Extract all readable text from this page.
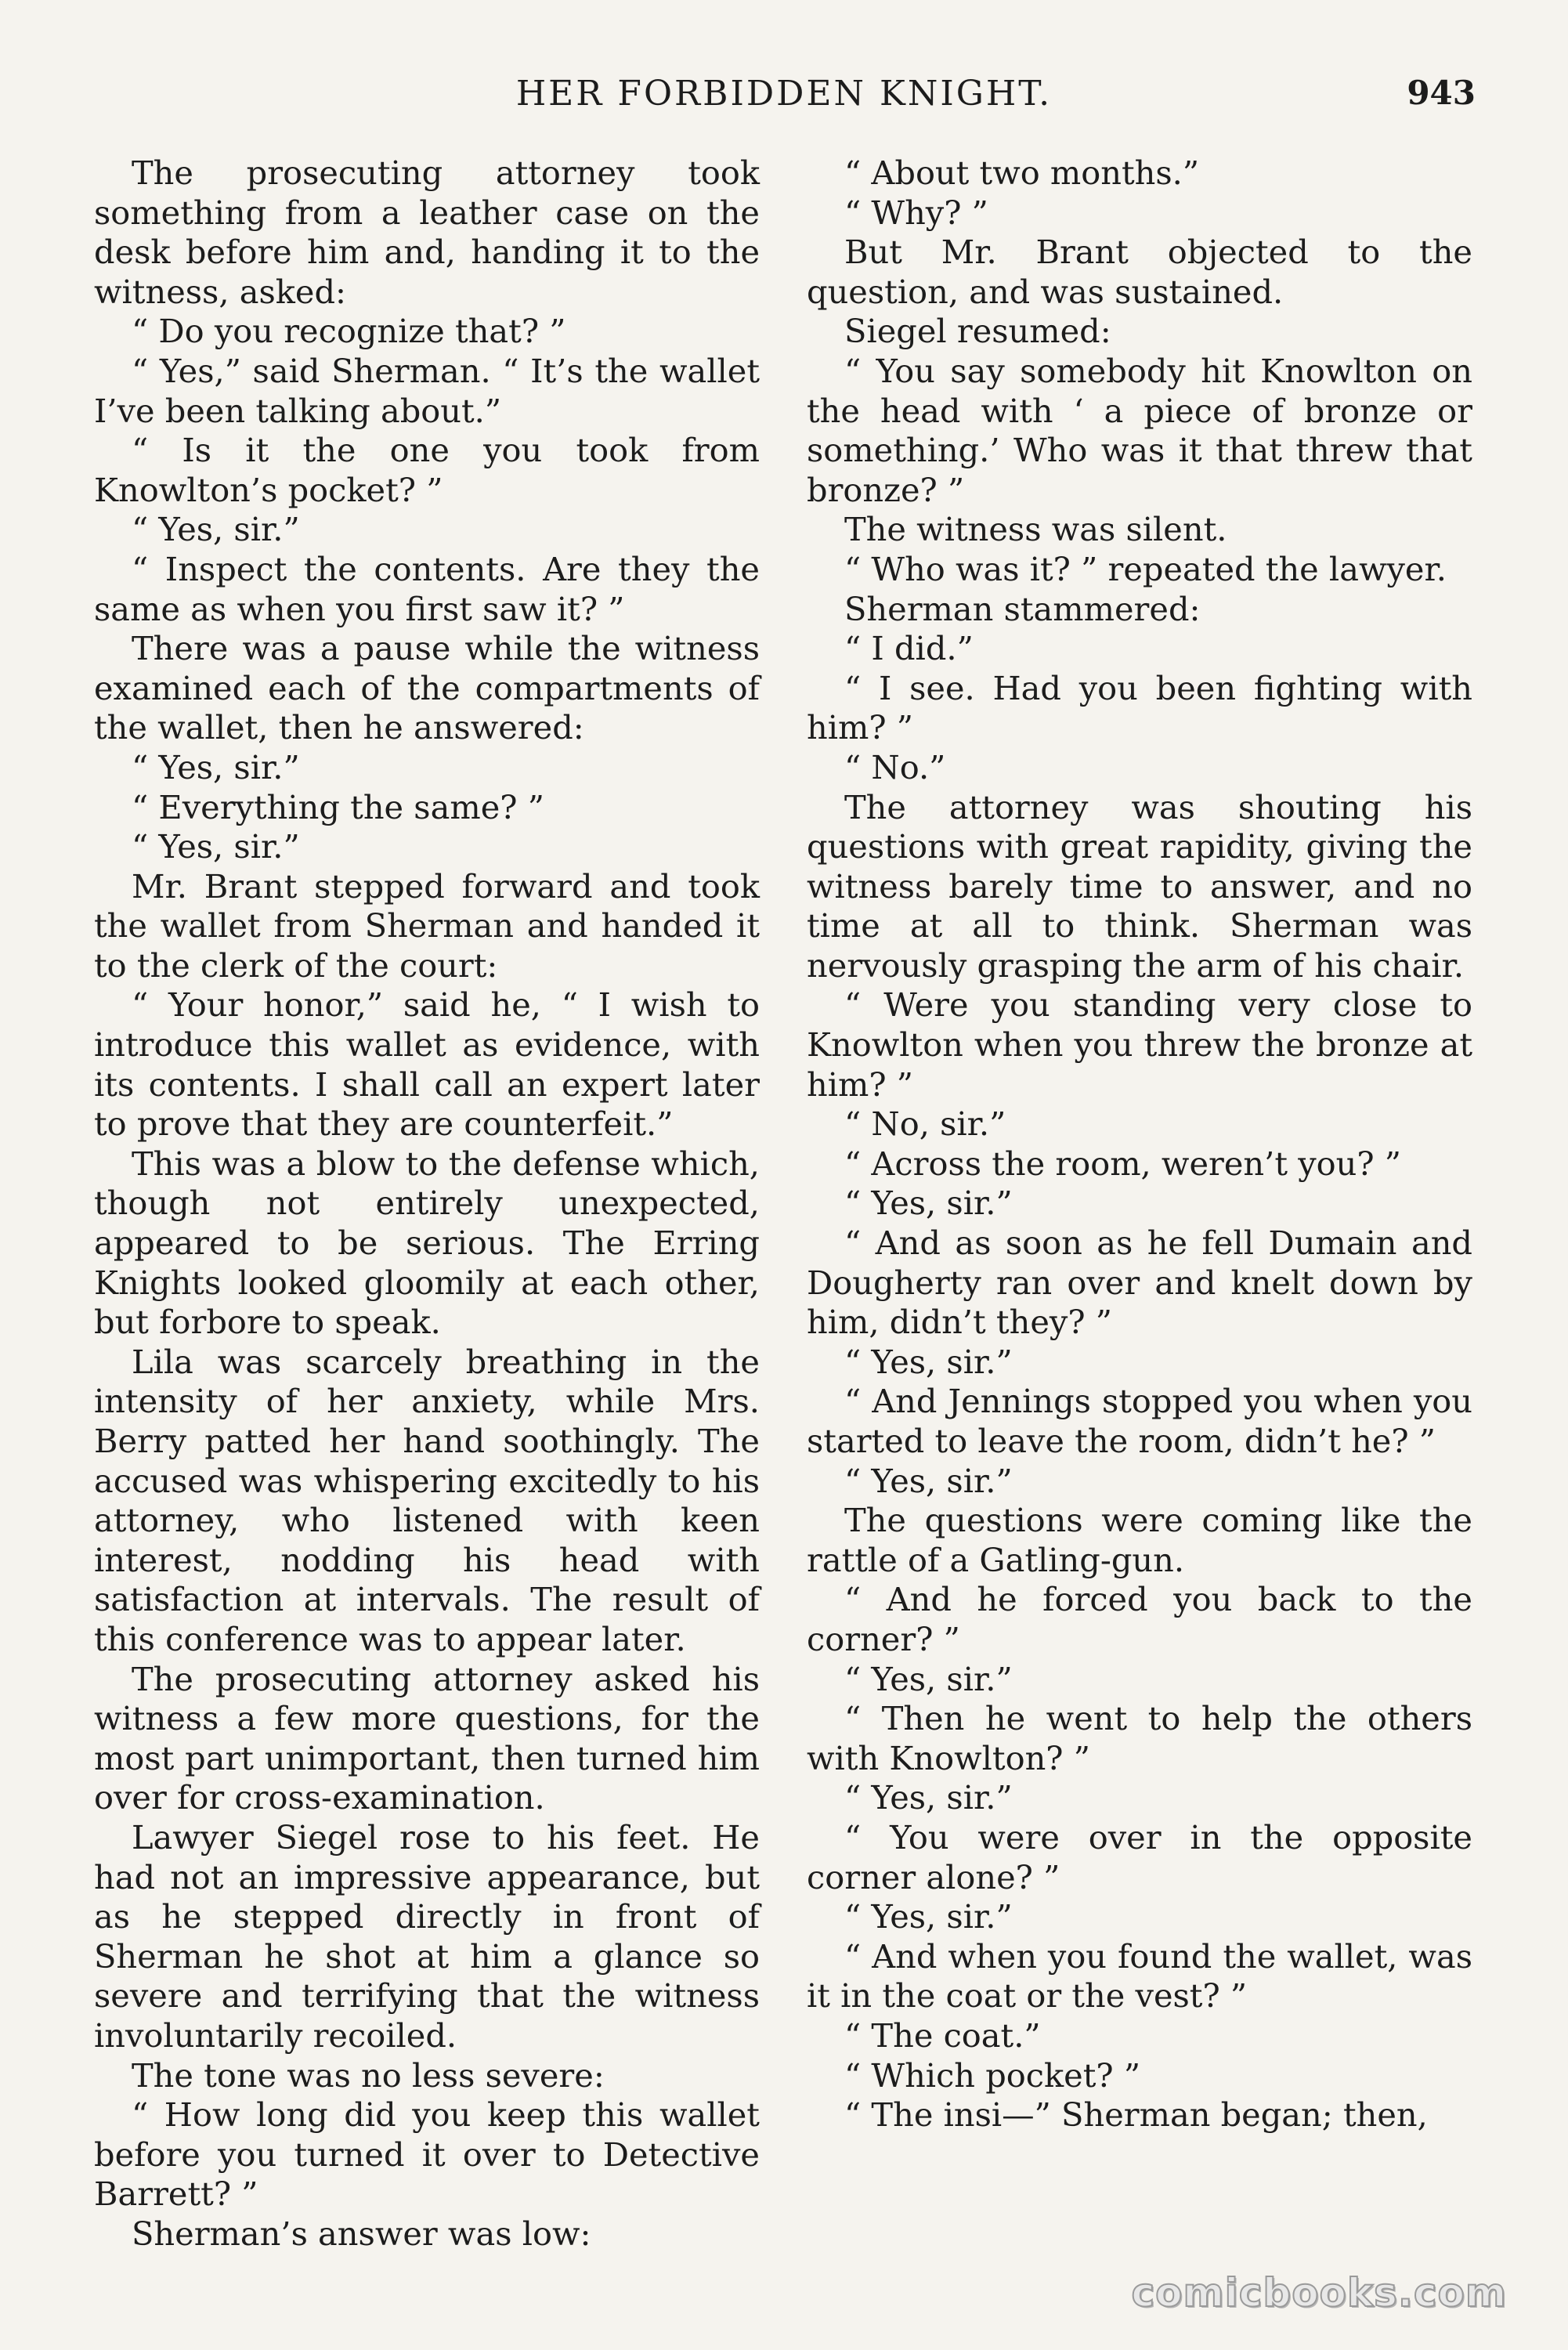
HER FORBIDDEN KNIGHT.	943

The prosecuting attorney took something from a leather case on the desk before him and, handing it to the witness, asked:

“ Do you recognize that? ”

“ Yes,” said Sherman. “ It’s the wallet I’ve been talking about.”

“ Is it the one you took from Knowlton’s pocket? ”

“ Yes, sir.”

“ Inspect the contents. Are they the same as when you first saw it? ”

There was a pause while the witness examined each of the compartments of the wallet, then he answered:

“ Yes, sir.”

“ Everything the same? ”

“ Yes, sir.”

Mr. Brant stepped forward and took the wallet from Sherman and handed it to the clerk of the court:

“ Your honor,” said he, “ I wish to introduce this wallet as evidence, with its contents. I shall call an expert later to prove that they are counterfeit.”

This was a blow to the defense which, though not entirely unexpected, appeared to be serious. The Erring Knights looked gloomily at each other, but forbore to speak.

Lila was scarcely breathing in the intensity of her anxiety, while Mrs. Berry patted her hand soothingly. The accused was whispering excitedly to his attorney, who listened with keen interest, nodding his head with satisfaction at intervals. The result of this conference was to appear later.

The prosecuting attorney asked his witness a few more questions, for the most part unimportant, then turned him over for cross-examination.

Lawyer Siegel rose to his feet. He had not an impressive appearance, but as he stepped directly in front of Sherman he shot at him a glance so severe and terrifying that the witness involuntarily recoiled.

The tone was no less severe:

“ How long did you keep this wallet before you turned it over to Detective Barrett? ”

Sherman’s answer was low:

“ About two months.”

“ Why? ”

But Mr. Brant objected to the question, and was sustained.

Siegel resumed:

“ You say somebody hit Knowlton on the head with ‘ a piece of bronze or something.’ Who was it that threw that bronze? ”

The witness was silent.

“ Who was it? ” repeated the lawyer.

Sherman stammered:

“ I did.”

“ I see. Had you been fighting with him? ”

“ No.”

The attorney was shouting his questions with great rapidity, giving the witness barely time to answer, and no time at all to think. Sherman was nervously grasping the arm of his chair.

“ Were you standing very close to Knowlton when you threw the bronze at him? ”

“ No, sir.”

“ Across the room, weren’t you? ”

“ Yes, sir.”

“ And as soon as he fell Dumain and Dougherty ran over and knelt down by him, didn’t they? ”

“ Yes, sir.”

“ And Jennings stopped you when you started to leave the room, didn’t he? ”

“ Yes, sir.”

The questions were coming like the rattle of a Gatling-gun.

“ And he forced you back to the corner? ”

“ Yes, sir.”

“ Then he went to help the others with Knowlton? ”

“ Yes, sir.”

“ You were over in the opposite corner alone? ”

“ Yes, sir.”

“ And when you found the wallet, was it in the coat or the vest? ”

“ The coat.”

“ Which pocket? ”

“ The insi—” Sherman began; then,

comicbooks.com
